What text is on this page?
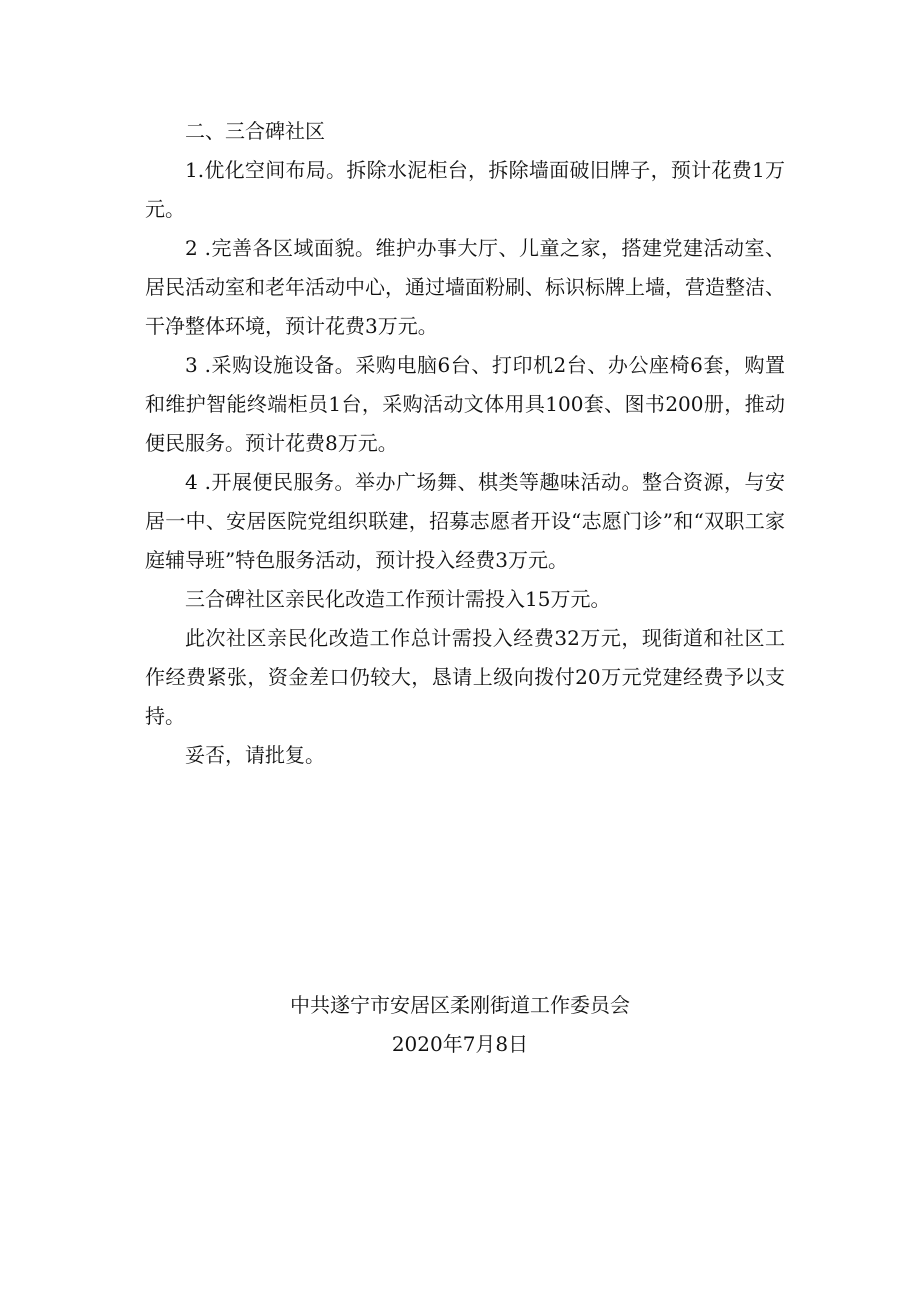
二、三合碑社区

1.优化空间布局。拆除水泥柜台，拆除墙面破旧牌子，预计花费1万元。

2 .完善各区域面貌。维护办事大厅、儿童之家，搭建党建活动室、居民活动室和老年活动中心，通过墙面粉刷、标识标牌上墙，营造整洁、干净整体环境，预计花费3万元。

3 .采购设施设备。采购电脑6台、打印机2台、办公座椅6套，购置和维护智能终端柜员1台，采购活动文体用具100套、图书200册，推动便民服务。预计花费8万元。

4 .开展便民服务。举办广场舞、棋类等趣味活动。整合资源，与安居一中、安居医院党组织联建，招募志愿者开设“志愿门诊”和“双职工家庭辅导班”特色服务活动，预计投入经费3万元。

三合碑社区亲民化改造工作预计需投入15万元。

此次社区亲民化改造工作总计需投入经费32万元，现街道和社区工作经费紧张，资金差口仍较大，恳请上级向拨付20万元党建经费予以支持。

妥否，请批复。

中共遂宁市安居区柔刚街道工作委员会
2020年7月8日
